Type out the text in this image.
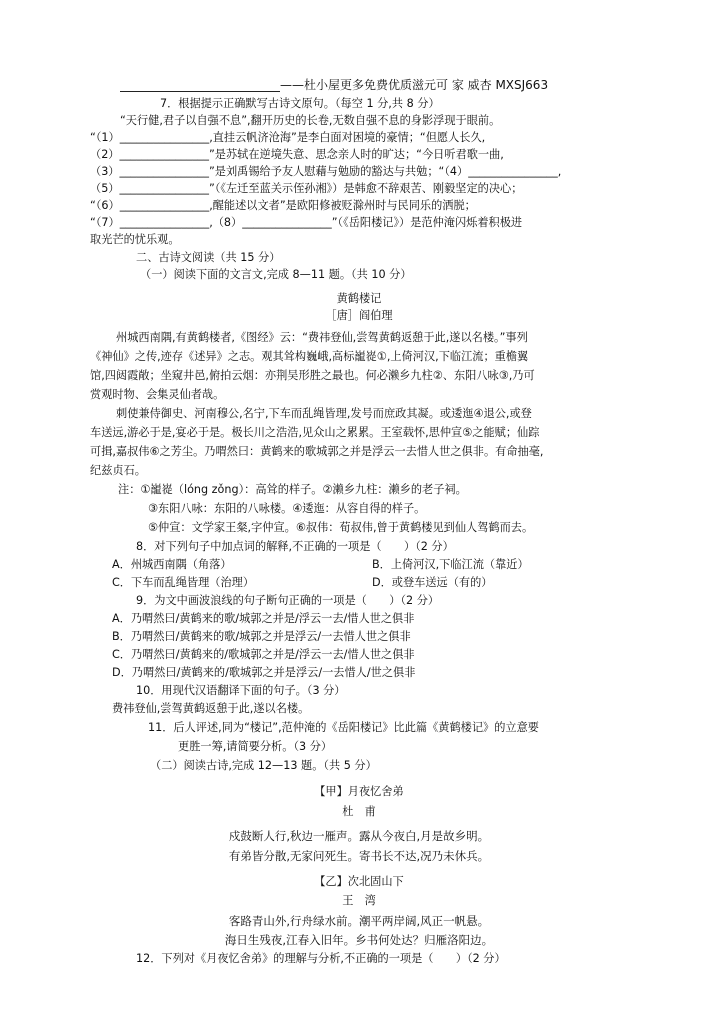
——杜小屋更多免费优质滋元可 家 威杏 MXSJ663
7．根据提示正确默写古诗文原句。（每空 1 分,共 8 分）
“天行健,君子以自强不息”,翻开历史的长卷,无数自强不息的身影浮现于眼前。
“（1）________________,直挂云帆济沧海”是李白面对困境的豪情；“但愿人长久,
（2）________________”是苏轼在逆境失意、思念亲人时的旷达；“今日听君歌一曲,
（3）________________”是刘禹锡给予友人慰藉与勉励的豁达与共勉；“（4）________________,
（5）________________”（《左迁至蓝关示侄孙湘》）是韩愈不辞艰苦、刚毅坚定的决心；
“（6）________________,醒能述以文者”是欧阳修被贬滁州时与民同乐的洒脱；
“（7）________________,（8）________________”（《岳阳楼记》）是范仲淹闪烁着积极进
取光芒的忧乐观。
二、古诗文阅读（共 15 分）
（一）阅读下面的文言文,完成 8—11 题。（共 10 分）
黄鹤楼记
［唐］阎伯理
州城西南隅,有黄鹤楼者,《图经》云：“费祎登仙,尝驾黄鹤返憩于此,遂以名楼。”事列
《神仙》之传,迹存《述异》之志。观其耸构巍峨,高标巃嵸①,上倚河汉,下临江流；重檐翼
馆,四闼霞敞；坐窥井邑,俯拍云烟：亦荆吴形胜之最也。何必濑乡九柱②、东阳八咏③,乃可
赏观时物、会集灵仙者哉。
刺使兼侍御史、河南穆公,名宁,下车而乱绳皆理,发号而庶政其凝。或逶迤④退公,或登
车送远,游必于是,宴必于是。极长川之浩浩,见众山之累累。王室载怀,思仲宣⑤之能赋；仙踪
可揖,嘉叔伟⑥之芳尘。乃喟然曰：黄鹤来的歌城郭之并是浮云一去惜人世之俱非。有命抽毫,
纪兹贞石。
注：①巃嵸（lóng zǒng）：高耸的样子。②濑乡九柱：濑乡的老子祠。
③东阳八咏：东阳的八咏楼。④逶迤：从容自得的样子。
⑤仲宣：文学家王粲,字仲宣。⑥叔伟：荀叔伟,曾于黄鹤楼见到仙人驾鹤而去。
8．对下列句子中加点词的解释,不正确的一项是（　　）（2 分）
A．州城西南隅（角落）	B．上倚河汉,下临江流（靠近）
C．下车而乱绳皆理（治理）	D．或登车送远（有的）
9．为文中画波浪线的句子断句正确的一项是（　　）（2 分）
A．乃喟然曰/黄鹤来的歌/城郭之并是/浮云一去/惜人世之俱非
B．乃喟然曰/黄鹤来的歌/城郭之并是浮云/一去惜人世之俱非
C．乃喟然曰/黄鹤来的/歌城郭之并是/浮云一去/惜人世之俱非
D．乃喟然曰/黄鹤来的/歌城郭之并是浮云/一去惜人/世之俱非
10．用现代汉语翻译下面的句子。（3 分）
费祎登仙,尝驾黄鹤返憩于此,遂以名楼。
11．后人评述,同为“楼记”,范仲淹的《岳阳楼记》比此篇《黄鹤楼记》的立意要
更胜一筹,请简要分析。（3 分）
（二）阅读古诗,完成 12—13 题。（共 5 分）
【甲】月夜忆舍弟
杜　甫
戍鼓断人行,秋边一雁声。露从今夜白,月是故乡明。
有弟皆分散,无家问死生。寄书长不达,况乃未休兵。
【乙】次北固山下
王　湾
客路青山外,行舟绿水前。潮平两岸阔,风正一帆悬。
海日生残夜,江春入旧年。乡书何处达？归雁洛阳边。
12．下列对《月夜忆舍弟》的理解与分析,不正确的一项是（　　）（2 分）
